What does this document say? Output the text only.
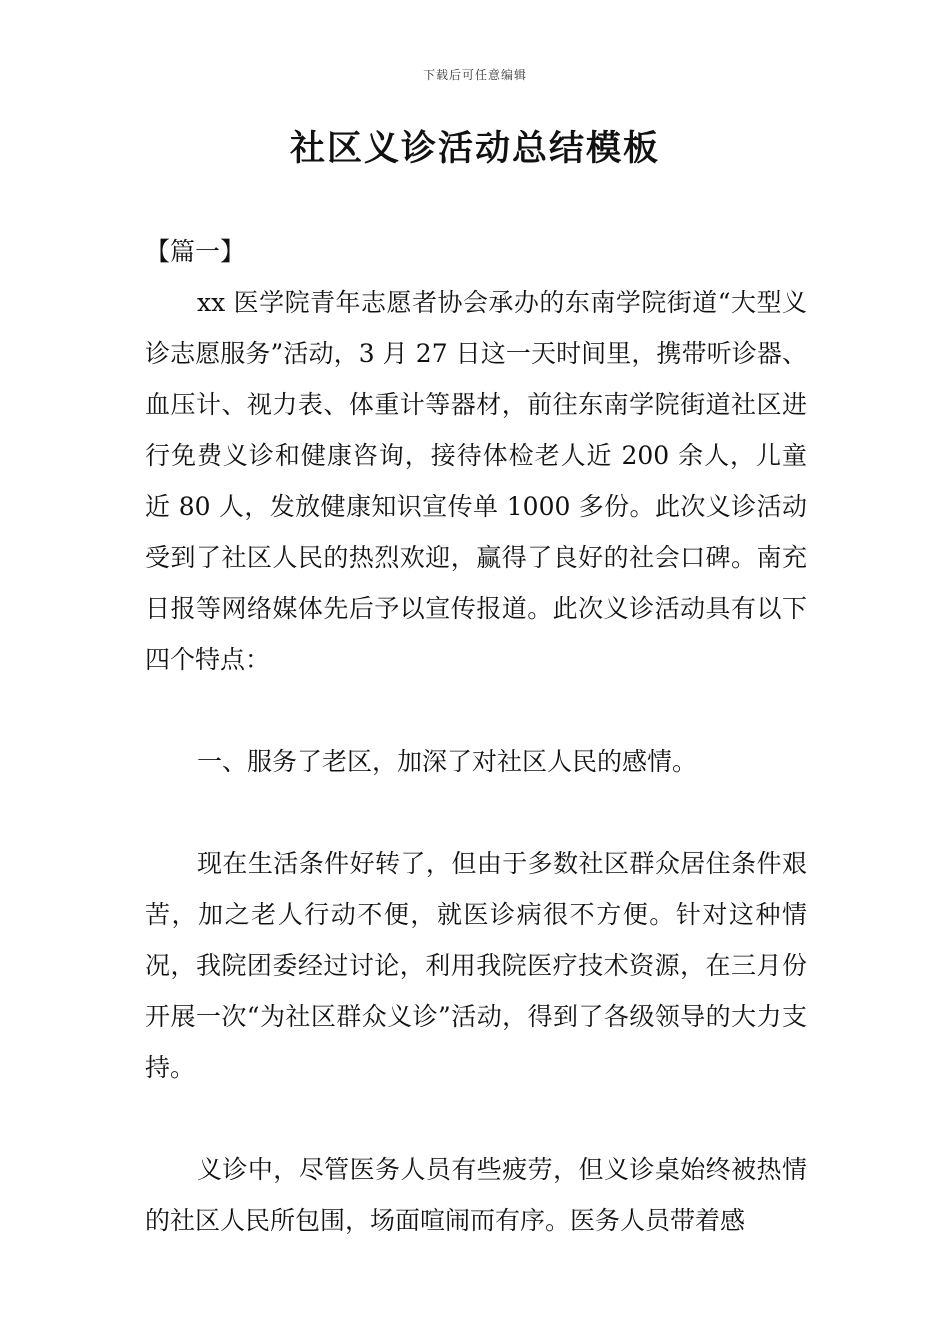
下载后可任意编辑
社区义诊活动总结模板

【篇一】

xx 医学院青年志愿者协会承办的东南学院街道“大型义诊志愿服务”活动，3 月 27 日这一天时间里，携带听诊器、血压计、视力表、体重计等器材，前往东南学院街道社区进行免费义诊和健康咨询，接待体检老人近 200 余人，儿童近 80 人，发放健康知识宣传单 1000 多份。此次义诊活动受到了社区人民的热烈欢迎，赢得了良好的社会口碑。南充日报等网络媒体先后予以宣传报道。此次义诊活动具有以下四个特点：

一、服务了老区，加深了对社区人民的感情。

现在生活条件好转了，但由于多数社区群众居住条件艰苦，加之老人行动不便，就医诊病很不方便。针对这种情况，我院团委经过讨论，利用我院医疗技术资源，在三月份开展一次“为社区群众义诊”活动，得到了各级领导的大力支持。

义诊中，尽管医务人员有些疲劳，但义诊桌始终被热情的社区人民所包围，场面喧闹而有序。医务人员带着感
